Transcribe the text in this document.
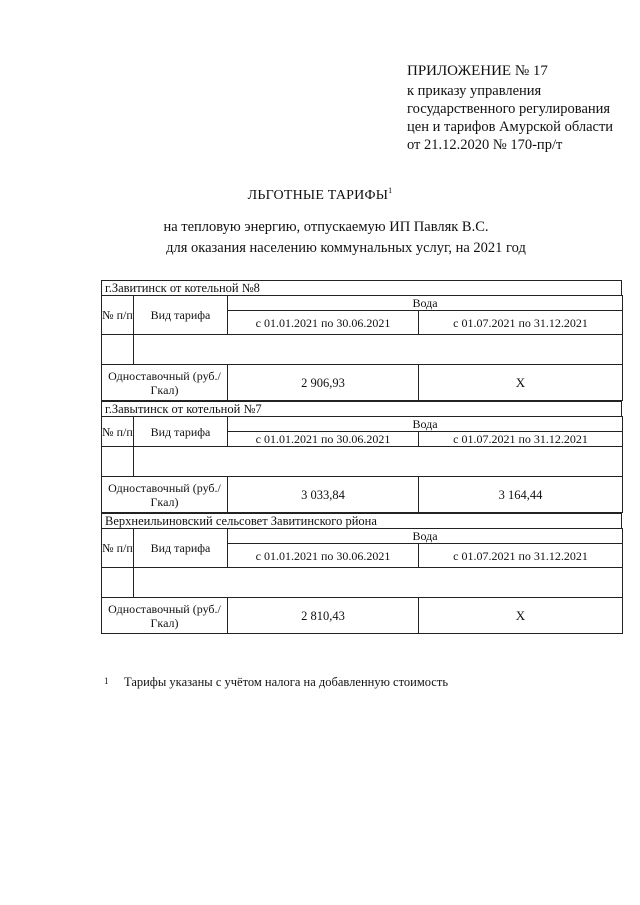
ПРИЛОЖЕНИЕ № 17
к приказу управления
государственного регулирования
цен и тарифов Амурской области
от 21.12.2020 № 170-пр/т
ЛЬГОТНЫЕ ТАРИФЫ$^1$
на тепловую энергию, отпускаемую ИП Павляк В.С.
для оказания населению коммунальных услуг, на 2021 год
г.Завитинск от котельной №8
№ п/п	Вид тарифа	Вода	
		с 01.01.2021 по 30.06.2021	с 01.07.2021 по 31.12.2021

Одноставочный (руб./Гкал)		2 906,93	X
г.Завытинск от котельной №7
№ п/п	Вид тарифа	Вода	
		с 01.01.2021 по 30.06.2021	с 01.07.2021 по 31.12.2021

Одноставочный (руб./Гкал)		3 033,84	3 164,44
Верхнеильиновский сельсовет Завитинского рйона
№ п/п	Вид тарифа	Вода	
		с 01.01.2021 по 30.06.2021	с 01.07.2021 по 31.12.2021

Одноставочный (руб./Гкал)		2 810,43	X
1 Тарифы указаны с учётом налога на добавленную стоимость
